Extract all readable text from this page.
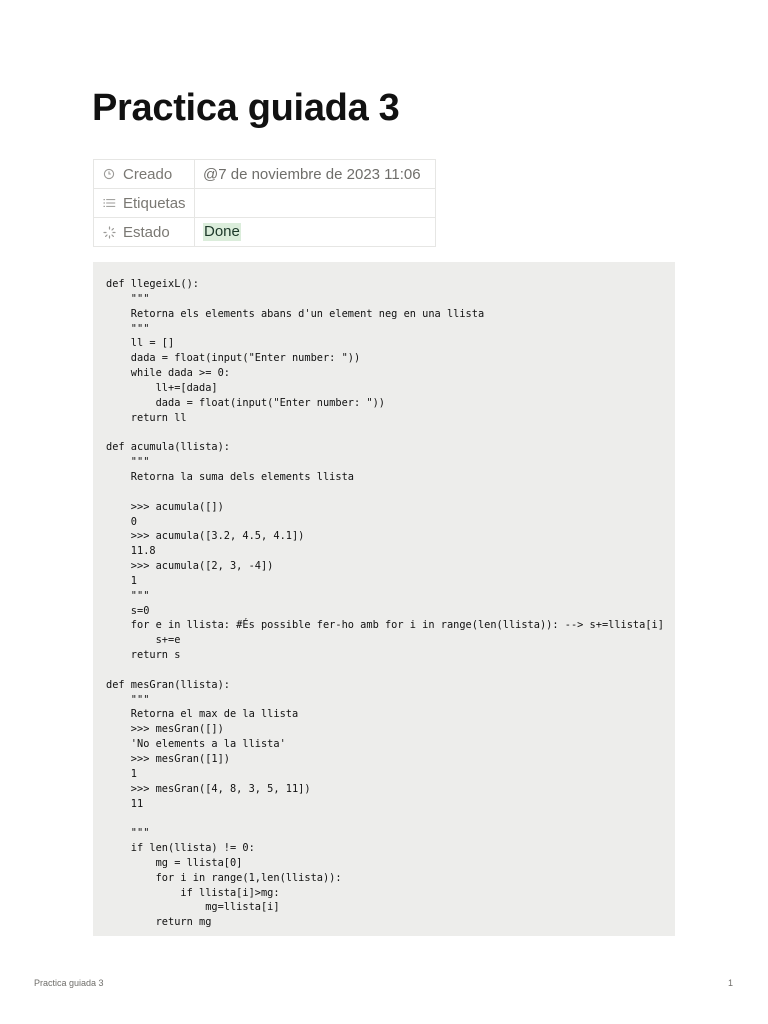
Practica guiada 3
Creado	@7 de noviembre de 2023 11:06

Etiquetas	

Estado	Done
def llegeixL():
"""
Retorna els elements abans d'un element neg en una llista
"""
ll = []
dada = float(input("Enter number: "))
while dada >= 0:
ll+=[dada]
dada = float(input("Enter number: "))
return ll

def acumula(llista):
"""
Retorna la suma dels elements llista

>>> acumula([])
0
>>> acumula([3.2, 4.5, 4.1])
11.8
>>> acumula([2, 3, -4])
1
"""
s=0
for e in llista: #És possible fer-ho amb for i in range(len(llista)): --> s+=llista[i]
s+=e
return s

def mesGran(llista):
"""
Retorna el max de la llista
>>> mesGran([])
'No elements a la llista'
>>> mesGran([1])
1
>>> mesGran([4, 8, 3, 5, 11])
11

"""
if len(llista) != 0:
mg = llista[0]
for i in range(1,len(llista)):
if llista[i]>mg:
mg=llista[i]
return mg
Practica guiada 3	1
